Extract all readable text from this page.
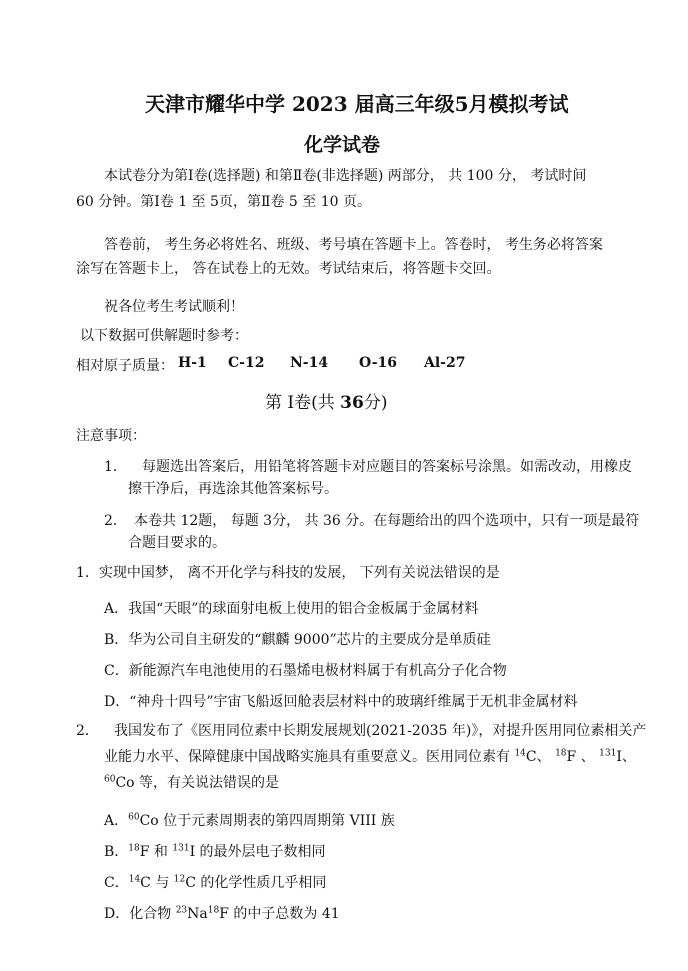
天津市耀华中学 2023 届高三年级5月模拟考试
化学试卷
本试卷分为第Ⅰ卷(选择题) 和第Ⅱ卷(非选择题) 两部分， 共 100 分， 考试时间
60 分钟。第Ⅰ卷 1 至 5页，第Ⅱ卷 5 至 10 页。
答卷前， 考生务必将姓名、班级、考号填在答题卡上。答卷时， 考生务必将答案
涂写在答题卡上， 答在试卷上的无效。考试结束后，将答题卡交回。
祝各位考生考试顺利！
以下数据可供解题时参考：
相对原子质量： H-1 C-12 N-14 O-16 Al-27
第 Ⅰ卷(共 36分)
注意事项：
1． 每题选出答案后，用铅笔将答题卡对应题目的答案标号涂黑。如需改动，用橡皮
擦干净后，再选涂其他答案标号。
2． 本卷共 12题， 每题 3分， 共 36 分。在每题给出的四个选项中，只有一项是最符
合题目要求的。
1．实现中国梦， 离不开化学与科技的发展， 下列有关说法错误的是
A．我国“天眼”的球面射电板上使用的铝合金板属于金属材料
B．华为公司自主研发的“麒麟 9000”芯片的主要成分是单质硅
C．新能源汽车电池使用的石墨烯电极材料属于有机高分子化合物
D．“神舟十四号”宇宙飞船返回舱表层材料中的玻璃纤维属于无机非金属材料
2． 我国发布了《医用同位素中长期发展规划(2021-2035 年)》，对提升医用同位素相关产
业能力水平、保障健康中国战略实施具有重要意义。医用同位素有 $^{14}$C、 $^{18}$F 、 $^{131}$I、
$^{60}$Co 等，有关说法错误的是
A．$^{60}$Co 位于元素周期表的第四周期第 VIII 族
B．$^{18}$F 和 $^{131}$I 的最外层电子数相同
C．$^{14}$C 与 $^{12}$C 的化学性质几乎相同
D．化合物 $^{23}$Na$^{18}$F 的中子总数为 41
